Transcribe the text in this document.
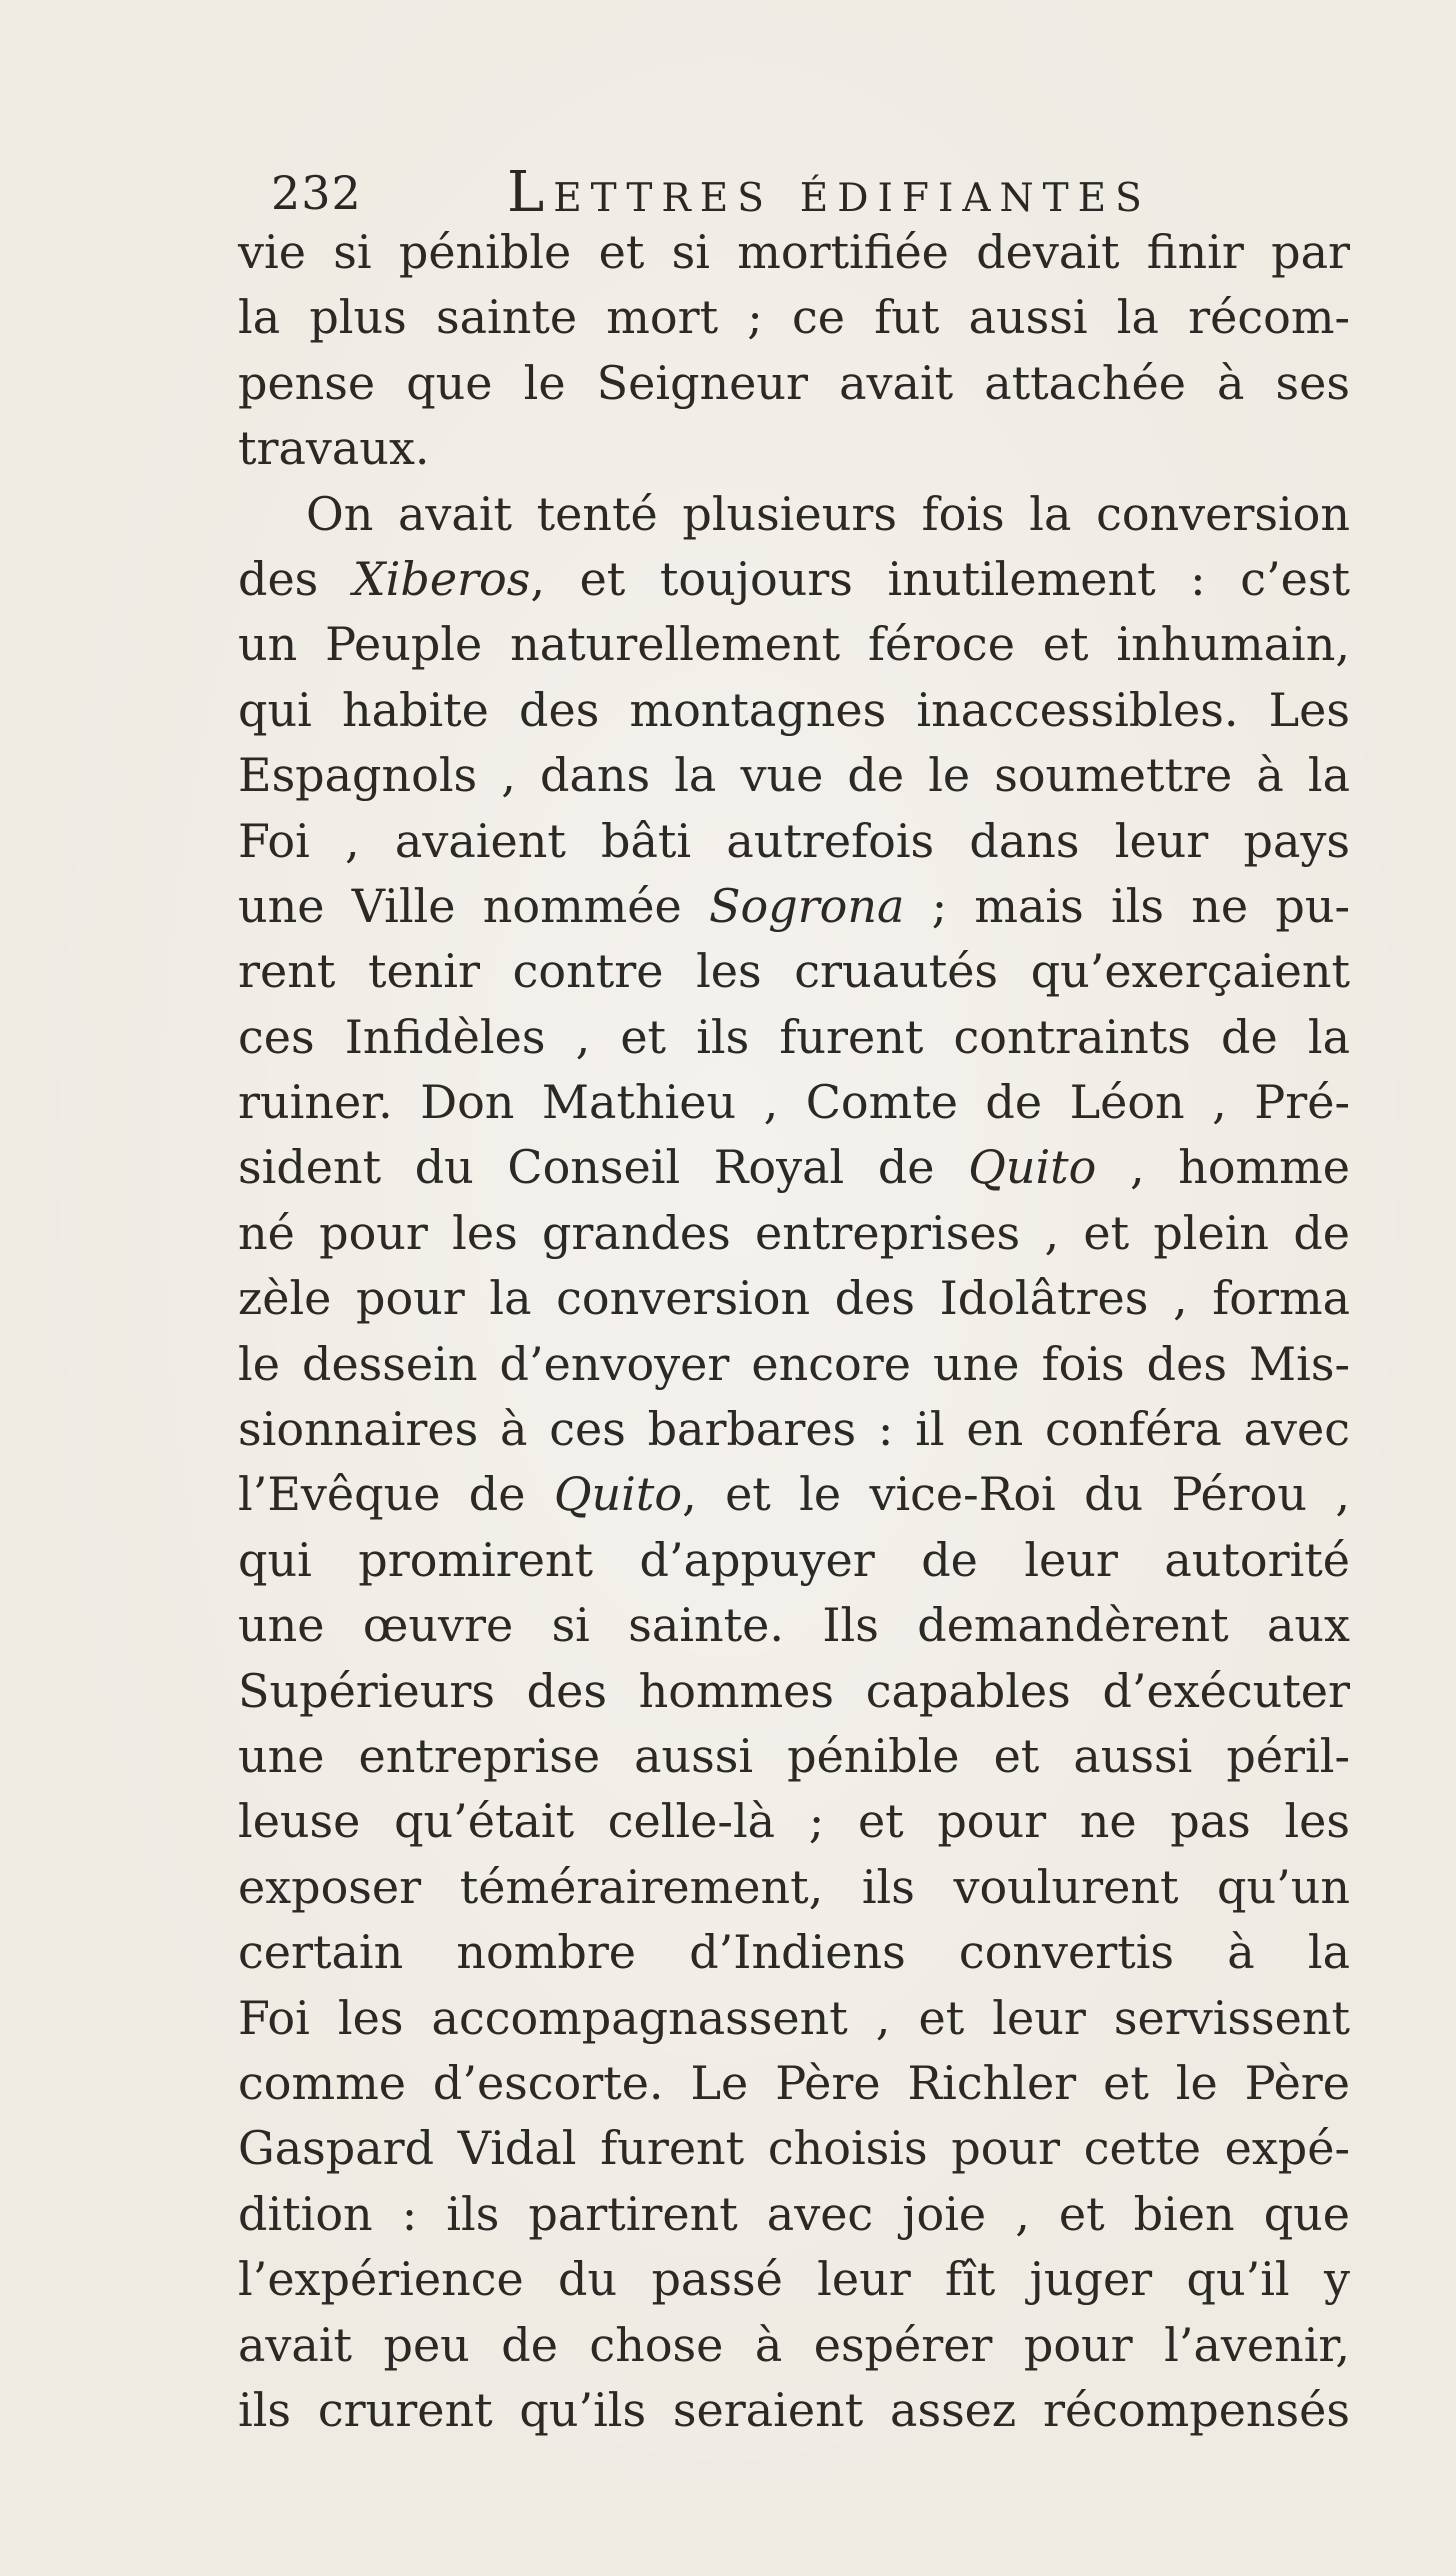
232	Lettres édifiantes
vie si pénible et si mortifiée devait finir par
la plus sainte mort ; ce fut aussi la récom-
pense que le Seigneur avait attachée à ses
travaux.
On avait tenté plusieurs fois la conversion
des Xiberos, et toujours inutilement : c’est
un Peuple naturellement féroce et inhumain,
qui habite des montagnes inaccessibles. Les
Espagnols , dans la vue de le soumettre à la
Foi , avaient bâti autrefois dans leur pays
une Ville nommée Sogrona ; mais ils ne pu-
rent tenir contre les cruautés qu’exerçaient
ces Infidèles , et ils furent contraints de la
ruiner. Don Mathieu , Comte de Léon , Pré-
sident du Conseil Royal de Quito , homme
né pour les grandes entreprises , et plein de
zèle pour la conversion des Idolâtres , forma
le dessein d’envoyer encore une fois des Mis-
sionnaires à ces barbares : il en conféra avec
l’Evêque de Quito, et le vice-Roi du Pérou ,
qui promirent d’appuyer de leur autorité
une œuvre si sainte. Ils demandèrent aux
Supérieurs des hommes capables d’exécuter
une entreprise aussi pénible et aussi péril-
leuse qu’était celle-là ; et pour ne pas les
exposer témérairement, ils voulurent qu’un
certain nombre d’Indiens convertis à la
Foi les accompagnassent , et leur servissent
comme d’escorte. Le Père Richler et le Père
Gaspard Vidal furent choisis pour cette expé-
dition : ils partirent avec joie , et bien que
l’expérience du passé leur fît juger qu’il y
avait peu de chose à espérer pour l’avenir,
ils crurent qu’ils seraient assez récompensés
